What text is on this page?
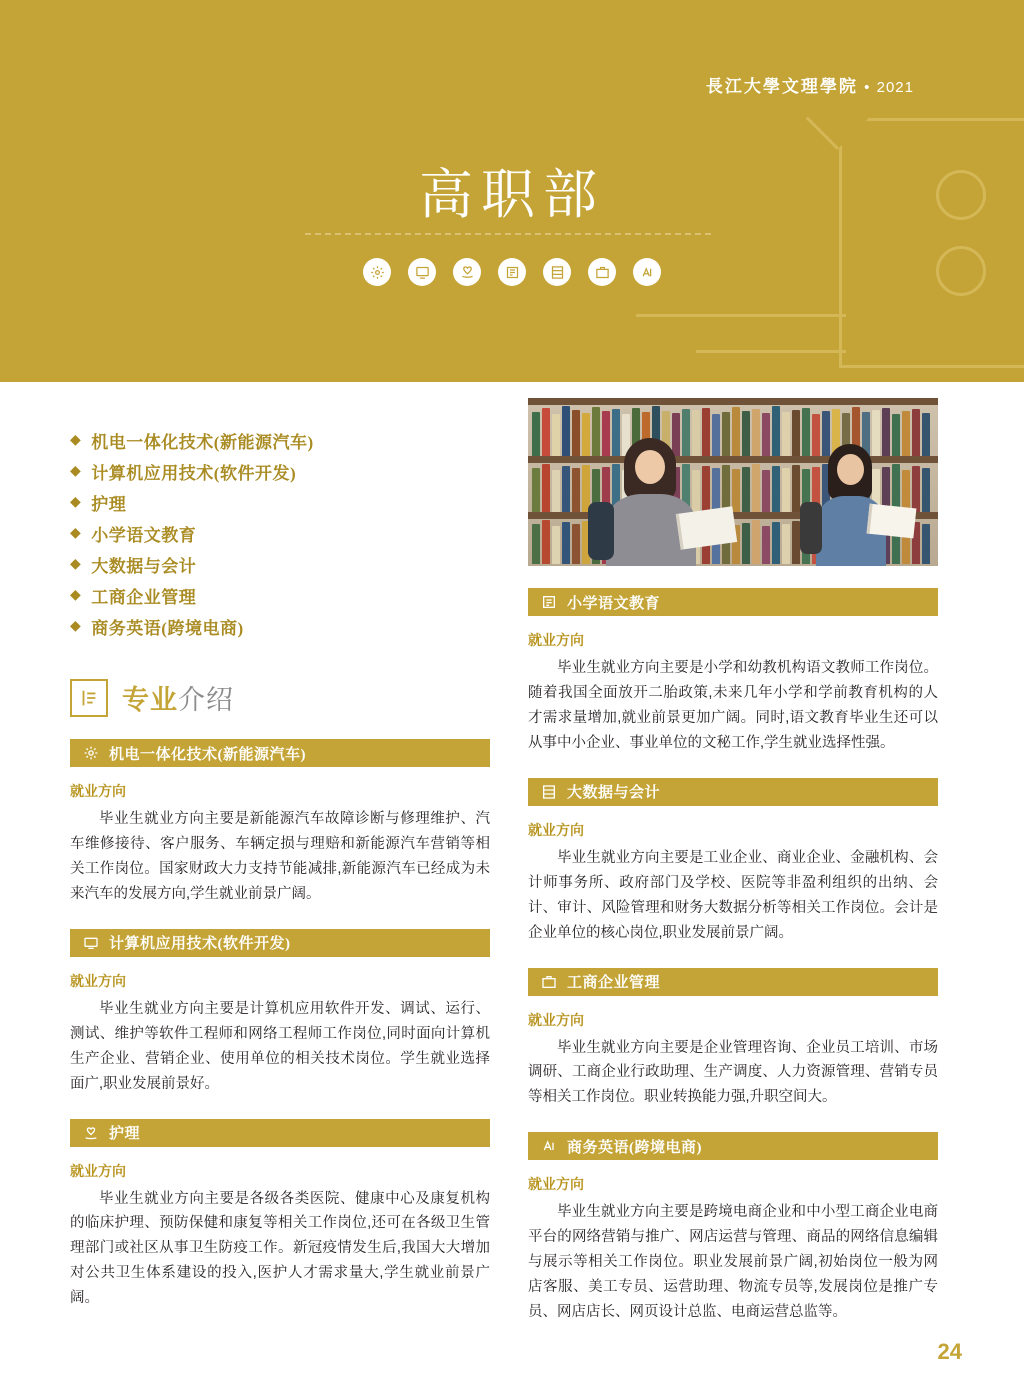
長江大學文理學院 • 2021
高职部
◆ 机电一体化技术(新能源汽车)
◆ 计算机应用技术(软件开发)
◆ 护理
◆ 小学语文教育
◆ 大数据与会计
◆ 工商企业管理
◆ 商务英语(跨境电商)
专业介绍
机电一体化技术(新能源汽车)
就业方向

毕业生就业方向主要是新能源汽车故障诊断与修理维护、汽车维修接待、客户服务、车辆定损与理赔和新能源汽车营销等相关工作岗位。国家财政大力支持节能减排,新能源汽车已经成为未来汽车的发展方向,学生就业前景广阔。

计算机应用技术(软件开发)
就业方向

毕业生就业方向主要是计算机应用软件开发、调试、运行、测试、维护等软件工程师和网络工程师工作岗位,同时面向计算机生产企业、营销企业、使用单位的相关技术岗位。学生就业选择面广,职业发展前景好。

护理
就业方向

毕业生就业方向主要是各级各类医院、健康中心及康复机构的临床护理、预防保健和康复等相关工作岗位,还可在各级卫生管理部门或社区从事卫生防疫工作。新冠疫情发生后,我国大大增加对公共卫生体系建设的投入,医护人才需求量大,学生就业前景广阔。

小学语文教育
就业方向

毕业生就业方向主要是小学和幼教机构语文教师工作岗位。随着我国全面放开二胎政策,未来几年小学和学前教育机构的人才需求量增加,就业前景更加广阔。同时,语文教育毕业生还可以从事中小企业、事业单位的文秘工作,学生就业选择性强。

大数据与会计
就业方向

毕业生就业方向主要是工业企业、商业企业、金融机构、会计师事务所、政府部门及学校、医院等非盈利组织的出纳、会计、审计、风险管理和财务大数据分析等相关工作岗位。会计是企业单位的核心岗位,职业发展前景广阔。

工商企业管理
就业方向

毕业生就业方向主要是企业管理咨询、企业员工培训、市场调研、工商企业行政助理、生产调度、人力资源管理、营销专员等相关工作岗位。职业转换能力强,升职空间大。

商务英语(跨境电商)
就业方向

毕业生就业方向主要是跨境电商企业和中小型工商企业电商平台的网络营销与推广、网店运营与管理、商品的网络信息编辑与展示等相关工作岗位。职业发展前景广阔,初始岗位一般为网店客服、美工专员、运营助理、物流专员等,发展岗位是推广专员、网店店长、网页设计总监、电商运营总监等。

24
